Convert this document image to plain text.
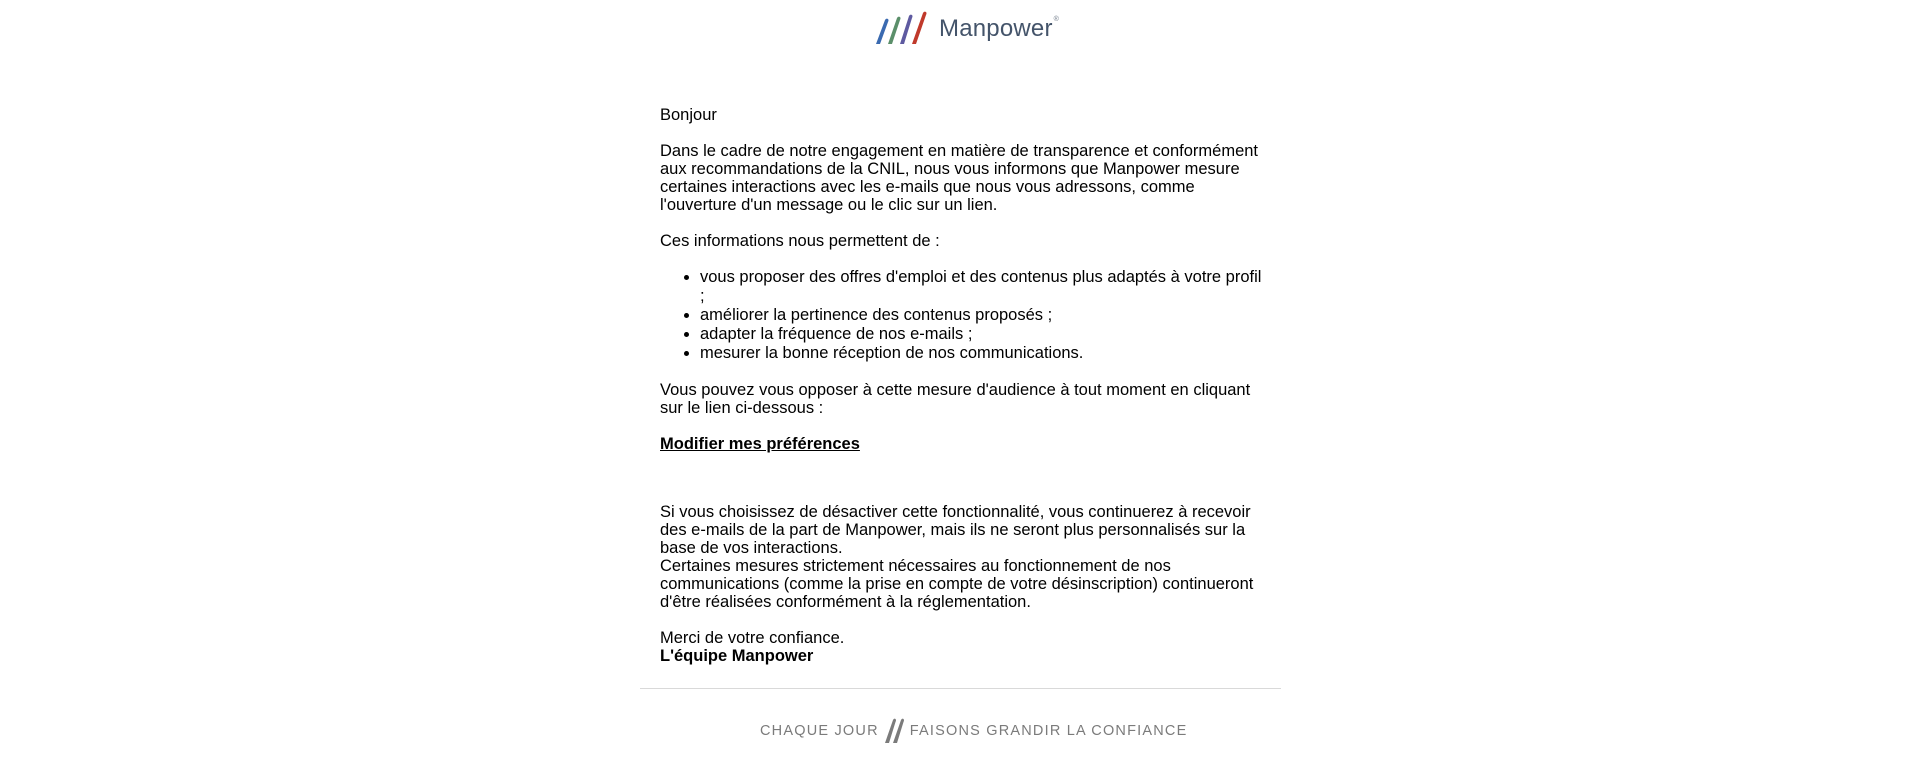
Manpower ®

Bonjour

Dans le cadre de notre engagement en matière de transparence et conformément aux recommandations de la CNIL, nous vous informons que Manpower mesure certaines interactions avec les e-mails que nous vous adressons, comme l'ouverture d'un message ou le clic sur un lien.

Ces informations nous permettent de :

• vous proposer des offres d'emploi et des contenus plus adaptés à votre profil ;
• améliorer la pertinence des contenus proposés ;
• adapter la fréquence de nos e-mails ;
• mesurer la bonne réception de nos communications.

Vous pouvez vous opposer à cette mesure d'audience à tout moment en cliquant sur le lien ci-dessous :

Modifier mes préférences

Si vous choisissez de désactiver cette fonctionnalité, vous continuerez à recevoir des e-mails de la part de Manpower, mais ils ne seront plus personnalisés sur la base de vos interactions.

Certaines mesures strictement nécessaires au fonctionnement de nos communications (comme la prise en compte de votre désinscription) continueront d'être réalisées conformément à la réglementation.

Merci de votre confiance.

L'équipe Manpower

CHAQUE JOUR FAISONS GRANDIR LA CONFIANCE
